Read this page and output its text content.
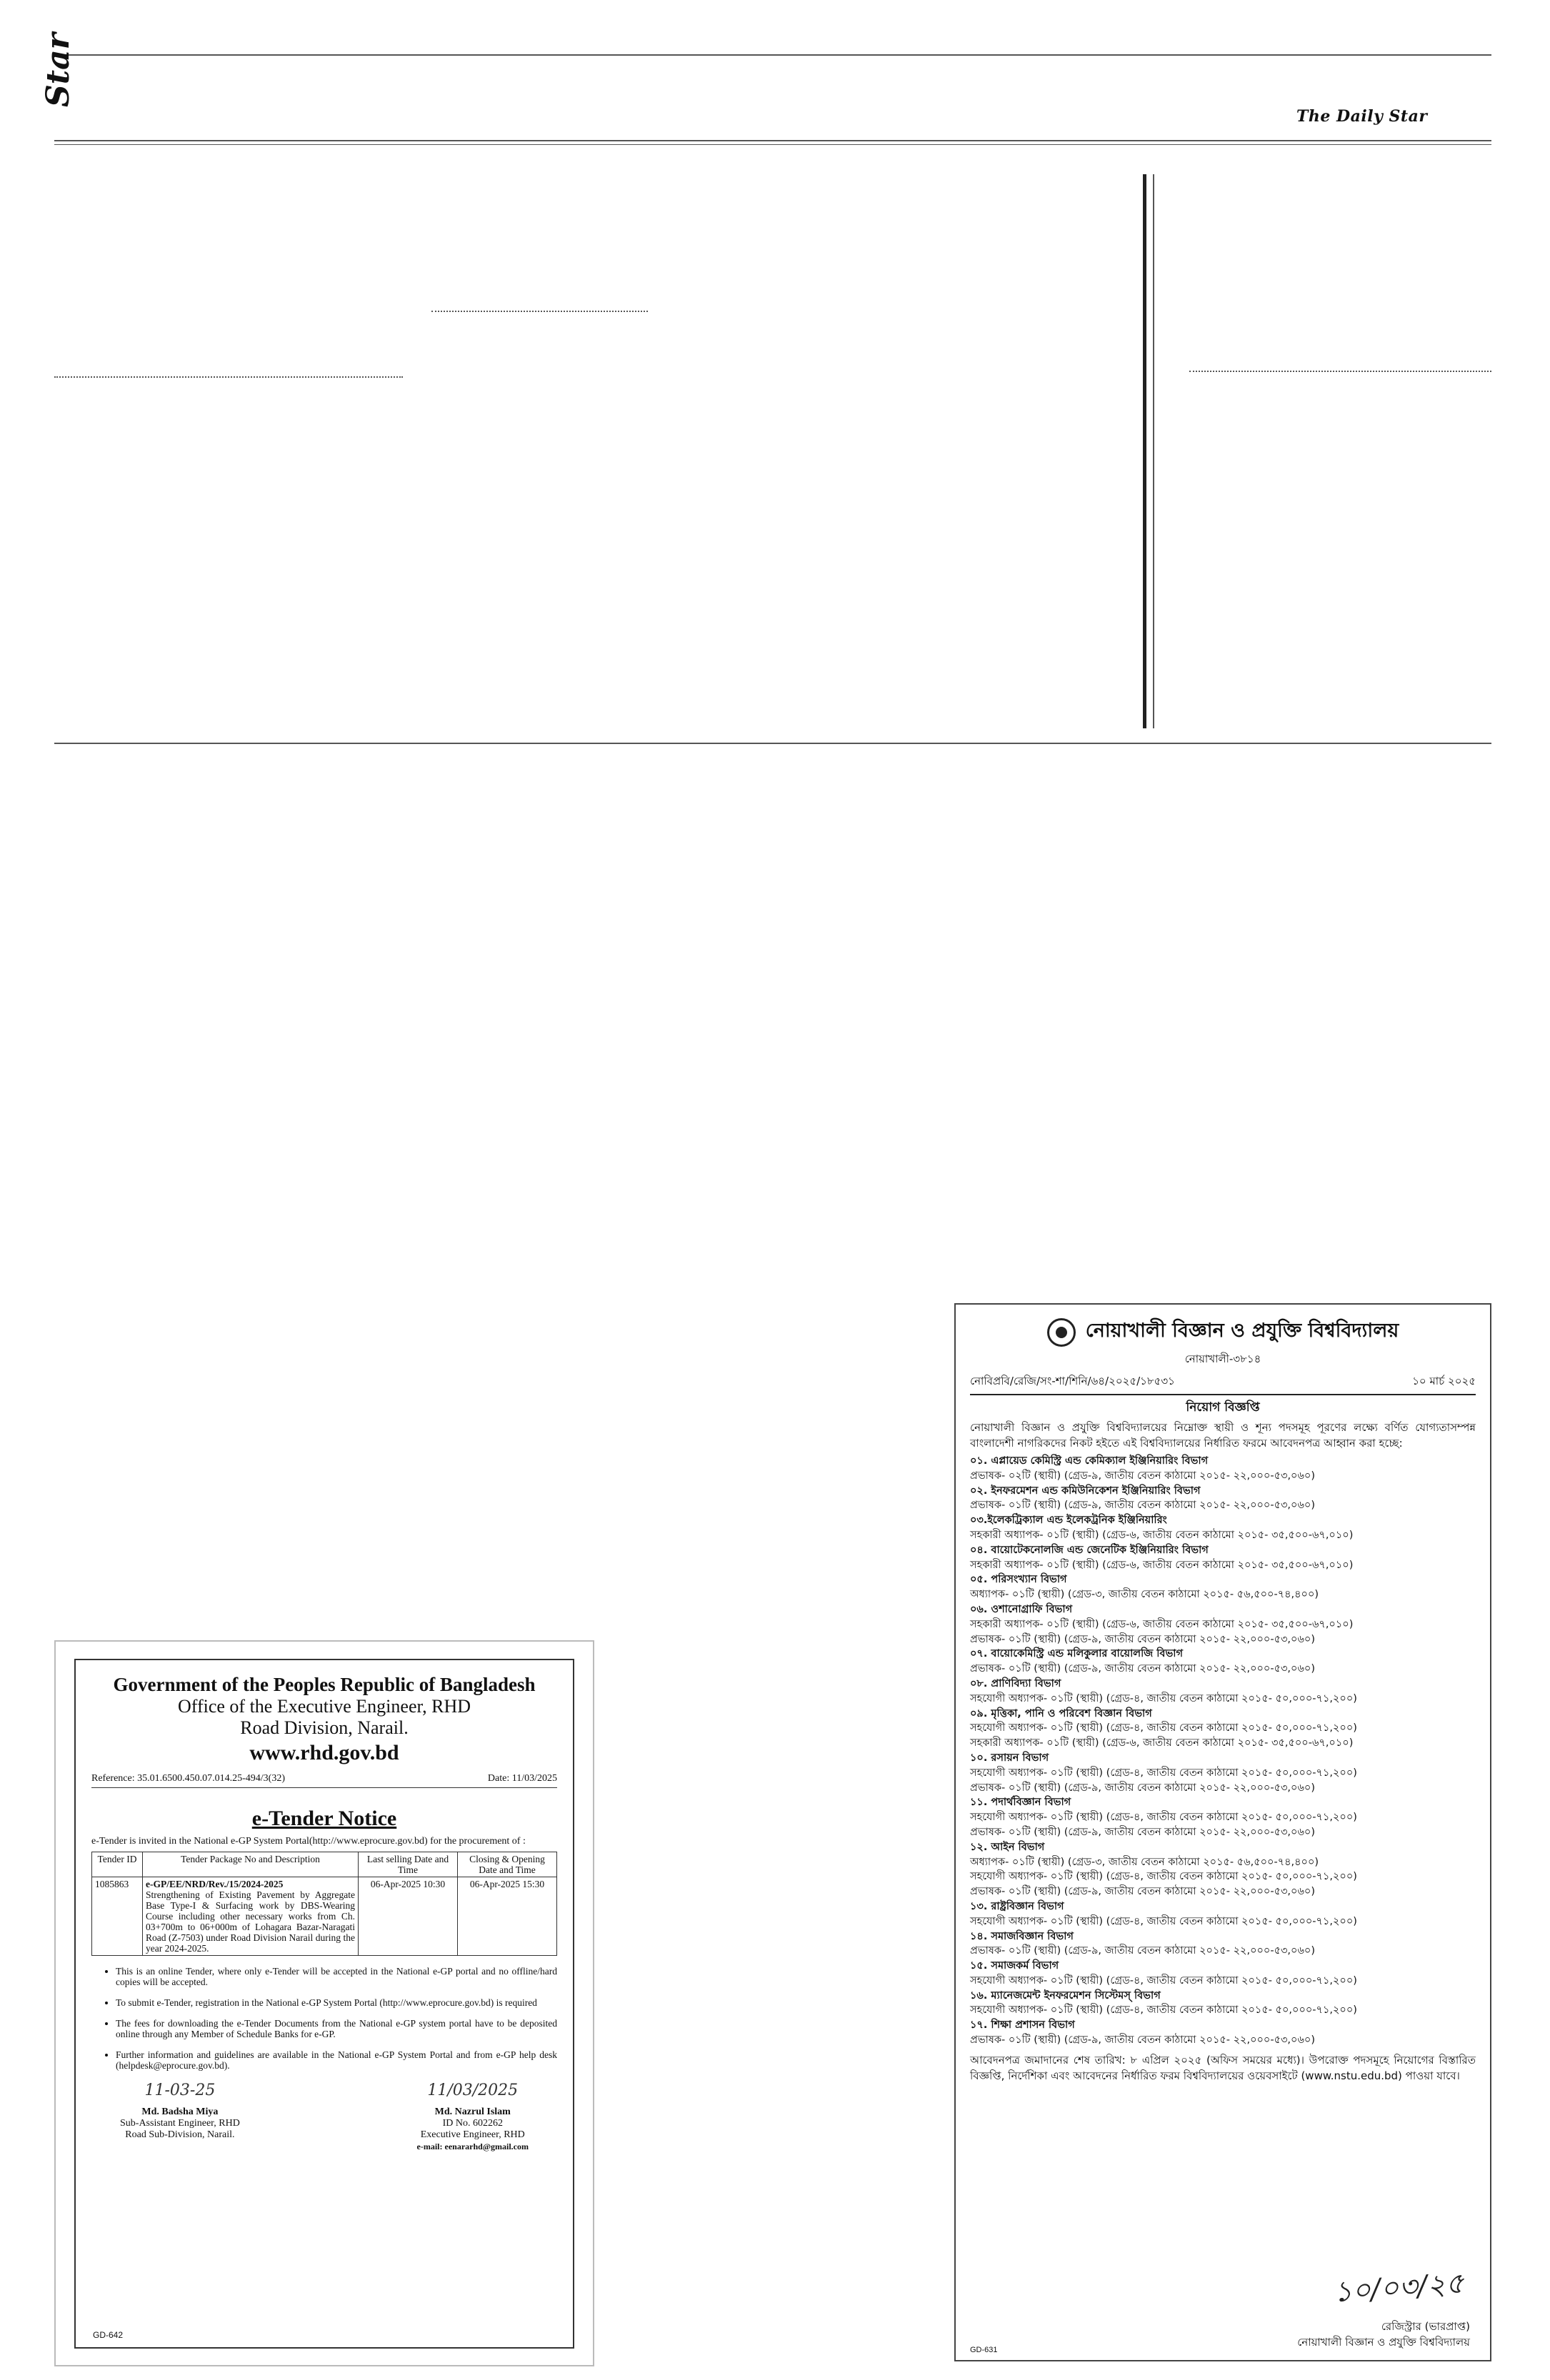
Star
The Daily Star
Government of the Peoples Republic of Bangladesh
Office of the Executive Engineer, RHD
Road Division, Narail.
www.rhd.gov.bd
Reference: 35.01.6500.450.07.014.25-494/3(32)	Date: 11/03/2025
e-Tender Notice
e-Tender is invited in the National e-GP System Portal(http://www.eprocure.gov.bd) for the procurement of :
Tender ID	Tender Package No and Description	Last selling Date and Time	Closing & Opening Date and Time
1085863	e-GP/EE/NRD/Rev./15/2024-2025
Strengthening of Existing Pavement by Aggregate Base Type-I & Surfacing work by DBS-Wearing Course including other necessary works from Ch. 03+700m to 06+000m of Lohagara Bazar-Naragati Road (Z-7503) under Road Division Narail during the year 2024-2025.	06-Apr-2025 10:30	06-Apr-2025 15:30
• This is an online Tender, where only e-Tender will be accepted in the National e-GP portal and no offline/hard copies will be accepted.
• To submit e-Tender, registration in the National e-GP System Portal (http://www.eprocure.gov.bd) is required
• The fees for downloading the e-Tender Documents from the National e-GP system portal have to be deposited online through any Member of Schedule Banks for e-GP.
• Further information and guidelines are available in the National e-GP System Portal and from e-GP help desk (helpdesk@eprocure.gov.bd).
11-03-25
Md. Badsha Miya
Sub-Assistant Engineer, RHD
Road Sub-Division, Narail.
11/03/2025
Md. Nazrul Islam
ID No. 602262
Executive Engineer, RHD
e-mail: eenararhd@gmail.com
GD-642
নোয়াখালী বিজ্ঞান ও প্রযুক্তি বিশ্ববিদ্যালয়
নোয়াখালী-৩৮১৪
নোবিপ্রবি/রেজি/সং-শা/শিনি/৬৪/২০২৫/১৮৫৩১	১০ মার্চ ২০২৫
নিয়োগ বিজ্ঞপ্তি
নোয়াখালী বিজ্ঞান ও প্রযুক্তি বিশ্ববিদ্যালয়ের নিম্নোক্ত স্থায়ী ও শূন্য পদসমূহ পূরণের লক্ষ্যে বর্ণিত যোগ্যতাসম্পন্ন বাংলাদেশী নাগরিকদের নিকট হইতে এই বিশ্ববিদ্যালয়ের নির্ধারিত ফরমে আবেদনপত্র আহ্বান করা হচ্ছে:
০১. এপ্লায়েড কেমিস্ট্রি এন্ড কেমিক্যাল ইঞ্জিনিয়ারিং বিভাগ
প্রভাষক- ০২টি (স্থায়ী) (গ্রেড-৯, জাতীয় বেতন কাঠামো ২০১৫- ২২,০০০-৫৩,০৬০)
০২. ইনফরমেশন এন্ড কমিউনিকেশন ইঞ্জিনিয়ারিং বিভাগ
প্রভাষক- ০১টি (স্থায়ী) (গ্রেড-৯, জাতীয় বেতন কাঠামো ২০১৫- ২২,০০০-৫৩,০৬০)
০৩.ইলেকট্রিক্যাল এন্ড ইলেকট্রনিক ইঞ্জিনিয়ারিং
সহকারী অধ্যাপক- ০১টি (স্থায়ী) (গ্রেড-৬, জাতীয় বেতন কাঠামো ২০১৫- ৩৫,৫০০-৬৭,০১০)
০৪. বায়োটেকনোলজি এন্ড জেনেটিক ইঞ্জিনিয়ারিং বিভাগ
সহকারী অধ্যাপক- ০১টি (স্থায়ী) (গ্রেড-৬, জাতীয় বেতন কাঠামো ২০১৫- ৩৫,৫০০-৬৭,০১০)
০৫. পরিসংখ্যান বিভাগ
অধ্যাপক- ০১টি (স্থায়ী) (গ্রেড-৩, জাতীয় বেতন কাঠামো ২০১৫- ৫৬,৫০০-৭৪,৪০০)
০৬. ওশানোগ্রাফি বিভাগ
সহকারী অধ্যাপক- ০১টি (স্থায়ী) (গ্রেড-৬, জাতীয় বেতন কাঠামো ২০১৫- ৩৫,৫০০-৬৭,০১০)
প্রভাষক- ০১টি (স্থায়ী) (গ্রেড-৯, জাতীয় বেতন কাঠামো ২০১৫- ২২,০০০-৫৩,০৬০)
০৭. বায়োকেমিস্ট্রি এন্ড মলিকুলার বায়োলজি বিভাগ
প্রভাষক- ০১টি (স্থায়ী) (গ্রেড-৯, জাতীয় বেতন কাঠামো ২০১৫- ২২,০০০-৫৩,০৬০)
০৮. প্রাণিবিদ্যা বিভাগ
সহযোগী অধ্যাপক- ০১টি (স্থায়ী) (গ্রেড-৪, জাতীয় বেতন কাঠামো ২০১৫- ৫০,০০০-৭১,২০০)
০৯. মৃত্তিকা, পানি ও পরিবেশ বিজ্ঞান বিভাগ
সহযোগী অধ্যাপক- ০১টি (স্থায়ী) (গ্রেড-৪, জাতীয় বেতন কাঠামো ২০১৫- ৫০,০০০-৭১,২০০)
সহকারী অধ্যাপক- ০১টি (স্থায়ী) (গ্রেড-৬, জাতীয় বেতন কাঠামো ২০১৫- ৩৫,৫০০-৬৭,০১০)
১০. রসায়ন বিভাগ
সহযোগী অধ্যাপক- ০১টি (স্থায়ী) (গ্রেড-৪, জাতীয় বেতন কাঠামো ২০১৫- ৫০,০০০-৭১,২০০)
প্রভাষক- ০১টি (স্থায়ী) (গ্রেড-৯, জাতীয় বেতন কাঠামো ২০১৫- ২২,০০০-৫৩,০৬০)
১১. পদার্থবিজ্ঞান বিভাগ
সহযোগী অধ্যাপক- ০১টি (স্থায়ী) (গ্রেড-৪, জাতীয় বেতন কাঠামো ২০১৫- ৫০,০০০-৭১,২০০)
প্রভাষক- ০১টি (স্থায়ী) (গ্রেড-৯, জাতীয় বেতন কাঠামো ২০১৫- ২২,০০০-৫৩,০৬০)
১২. আইন বিভাগ
অধ্যাপক- ০১টি (স্থায়ী) (গ্রেড-৩, জাতীয় বেতন কাঠামো ২০১৫- ৫৬,৫০০-৭৪,৪০০)
সহযোগী অধ্যাপক- ০১টি (স্থায়ী) (গ্রেড-৪, জাতীয় বেতন কাঠামো ২০১৫- ৫০,০০০-৭১,২০০)
প্রভাষক- ০১টি (স্থায়ী) (গ্রেড-৯, জাতীয় বেতন কাঠামো ২০১৫- ২২,০০০-৫৩,০৬০)
১৩. রাষ্ট্রবিজ্ঞান বিভাগ
সহযোগী অধ্যাপক- ০১টি (স্থায়ী) (গ্রেড-৪, জাতীয় বেতন কাঠামো ২০১৫- ৫০,০০০-৭১,২০০)
১৪. সমাজবিজ্ঞান বিভাগ
প্রভাষক- ০১টি (স্থায়ী) (গ্রেড-৯, জাতীয় বেতন কাঠামো ২০১৫- ২২,০০০-৫৩,০৬০)
১৫. সমাজকর্ম বিভাগ
সহযোগী অধ্যাপক- ০১টি (স্থায়ী) (গ্রেড-৪, জাতীয় বেতন কাঠামো ২০১৫- ৫০,০০০-৭১,২০০)
১৬. ম্যানেজমেন্ট ইনফরমেশন সিস্টেমস্‌ বিভাগ
সহযোগী অধ্যাপক- ০১টি (স্থায়ী) (গ্রেড-৪, জাতীয় বেতন কাঠামো ২০১৫- ৫০,০০০-৭১,২০০)
১৭. শিক্ষা প্রশাসন বিভাগ
প্রভাষক- ০১টি (স্থায়ী) (গ্রেড-৯, জাতীয় বেতন কাঠামো ২০১৫- ২২,০০০-৫৩,০৬০)
আবেদনপত্র জমাদানের শেষ তারিখ: ৮ এপ্রিল ২০২৫ (অফিস সময়ের মধ্যে)। উপরোক্ত পদসমূহে নিয়োগের বিস্তারিত বিজ্ঞপ্তি, নির্দেশিকা এবং আবেদনের নির্ধারিত ফরম বিশ্ববিদ্যালয়ের ওয়েবসাইটে (www.nstu.edu.bd) পাওয়া যাবে।
১০/০৩/২৫
রেজিস্ট্রার (ভারপ্রাপ্ত)
নোয়াখালী বিজ্ঞান ও প্রযুক্তি বিশ্ববিদ্যালয়
GD-631
